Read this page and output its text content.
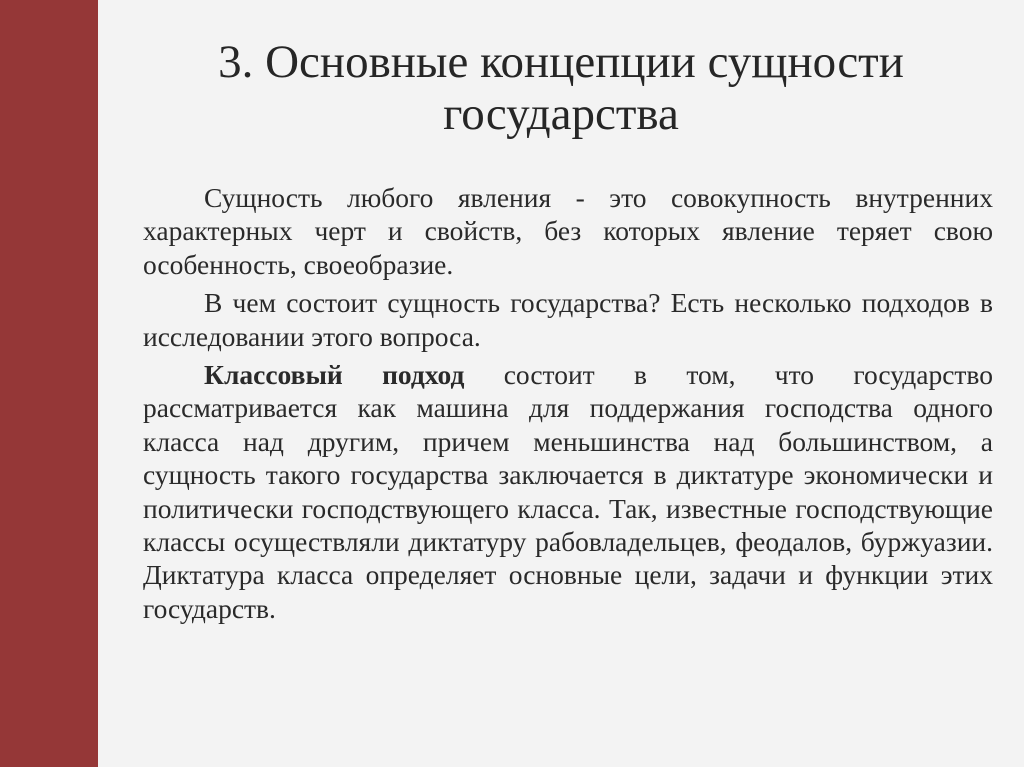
3. Основные концепции сущности
государства

Сущность любого явления - это совокупность внутренних характерных черт и свойств, без которых явление теряет свою особенность, своеобразие.

В чем состоит сущность государства? Есть несколько подходов в исследовании этого вопроса.

Классовый подход состоит в том, что государство рассматривается как машина для поддержания господства одного класса над другим, причем меньшинства над большинством, а сущность такого государства заключается в диктатуре экономически и политически господствующего класса. Так, известные господствующие классы осуществляли диктатуру рабовладельцев, феодалов, буржуазии. Диктатура класса определяет основные цели, задачи и функции этих государств.
